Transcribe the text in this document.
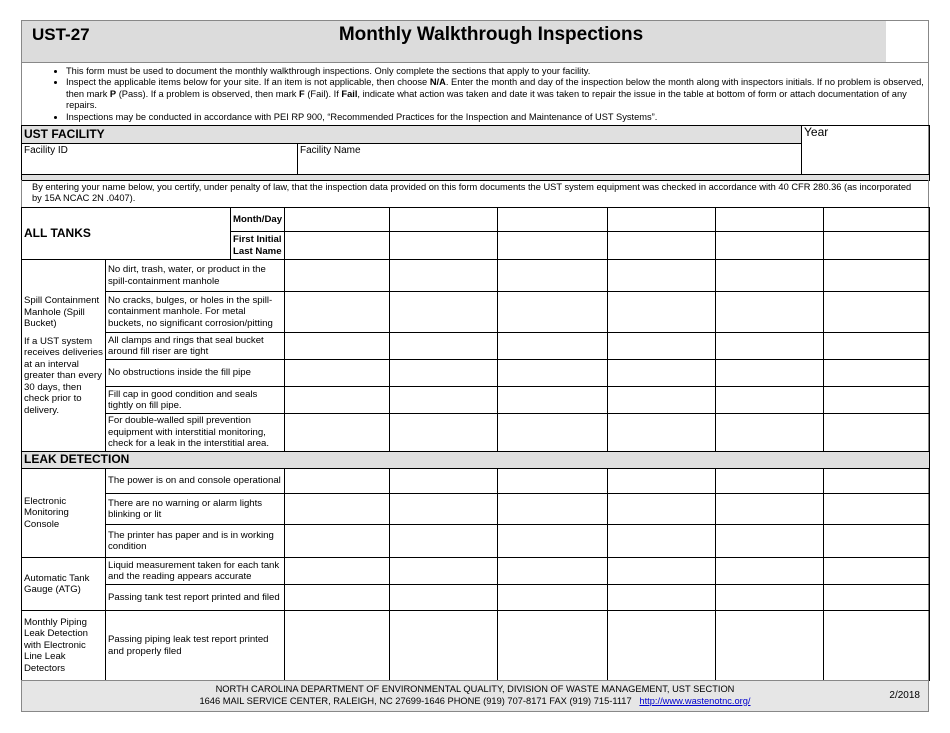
UST-27	Monthly Walkthrough Inspections
• This form must be used to document the monthly walkthrough inspections. Only complete the sections that apply to your facility.
• Inspect the applicable items below for your site. If an item is not applicable, then choose N/A. Enter the month and day of the inspection below the month along with inspectors initials. If no problem is observed, then mark P (Pass). If a problem is observed, then mark F (Fail). If Fail, indicate what action was taken and date it was taken to repair the issue in the table at bottom of form or attach documentation of any repairs.
• Inspections may be conducted in accordance with PEI RP 900, “Recommended Practices for the Inspection and Maintenance of UST Systems”.
UST FACILITY		Year
Facility ID	Facility Name	

By entering your name below, you certify, under penalty of law, that the inspection data provided on this form documents the UST system equipment was checked in accordance with 40 CFR 280.36 (as incorporated by 15A NCAC 2N .0407).
ALL TANKS		Month/Day						
		First Initial Last Name						

Spill Containment Manhole (Spill Bucket)
If a UST system receives deliveries at an interval greater than every 30 days, then check prior to delivery.	No dirt, trash, water, or product in the spill-containment manhole							
	No cracks, bulges, or holes in the spill-containment manhole. For metal buckets, no significant corrosion/pitting							
	All clamps and rings that seal bucket around fill riser are tight							
	No obstructions inside the fill pipe							
	Fill cap in good condition and seals tightly on fill pipe.							
	For double-walled spill prevention equipment with interstitial monitoring, check for a leak in the interstitial area.							
LEAK DETECTION								
Electronic Monitoring Console	The power is on and console operational							
	There are no warning or alarm lights blinking or lit							
	The printer has paper and is in working condition							
Automatic Tank Gauge (ATG)	Liquid measurement taken for each tank and the reading appears accurate							
	Passing tank test report printed and filed							
Monthly Piping Leak Detection with Electronic Line Leak Detectors	Passing piping leak test report printed and properly filed							
NORTH CAROLINA DEPARTMENT OF ENVIRONMENTAL QUALITY, DIVISION OF WASTE MANAGEMENT, UST SECTION
1646 MAIL SERVICE CENTER, RALEIGH, NC 27699-1646 PHONE (919) 707-8171 FAX (919) 715-1117 http://www.wastenotnc.org/	2/2018
